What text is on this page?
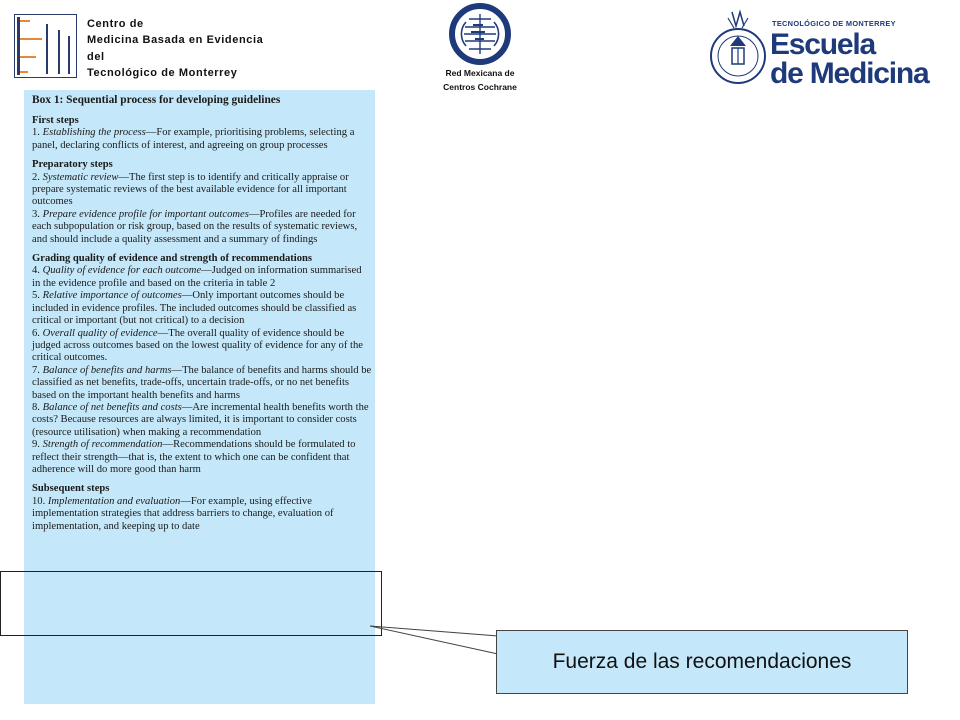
Centro de
Medicina Basada en Evidencia
del
Tecnológico de Monterrey	Red Mexicana de
Centros Cochrane
TECNOLÓGICO DE MONTERREY
Escuela
de Medicina
Box 1: Sequential process for developing guidelines
First steps
1. Establishing the process—For example, prioritising problems, selecting a panel, declaring conflicts of interest, and agreeing on group processes
Preparatory steps
2. Systematic review—The first step is to identify and critically appraise or prepare systematic reviews of the best available evidence for all important outcomes
3. Prepare evidence profile for important outcomes—Profiles are needed for each subpopulation or risk group, based on the results of systematic reviews, and should include a quality assessment and a summary of findings
Grading quality of evidence and strength of recommendations
4. Quality of evidence for each outcome—Judged on information summarised in the evidence profile and based on the criteria in table 2
5. Relative importance of outcomes—Only important outcomes should be included in evidence profiles. The included outcomes should be classified as critical or important (but not critical) to a decision
6. Overall quality of evidence—The overall quality of evidence should be judged across outcomes based on the lowest quality of evidence for any of the critical outcomes.
7. Balance of benefits and harms—The balance of benefits and harms should be classified as net benefits, trade-offs, uncertain trade-offs, or no net benefits based on the important health benefits and harms
8. Balance of net benefits and costs—Are incremental health benefits worth the costs? Because resources are always limited, it is important to consider costs (resource utilisation) when making a recommendation
9. Strength of recommendation—Recommendations should be formulated to reflect their strength—that is, the extent to which one can be confident that adherence will do more good than harm
Subsequent steps
10. Implementation and evaluation—For example, using effective implementation strategies that address barriers to change, evaluation of implementation, and keeping up to date
Fuerza de las recomendaciones
